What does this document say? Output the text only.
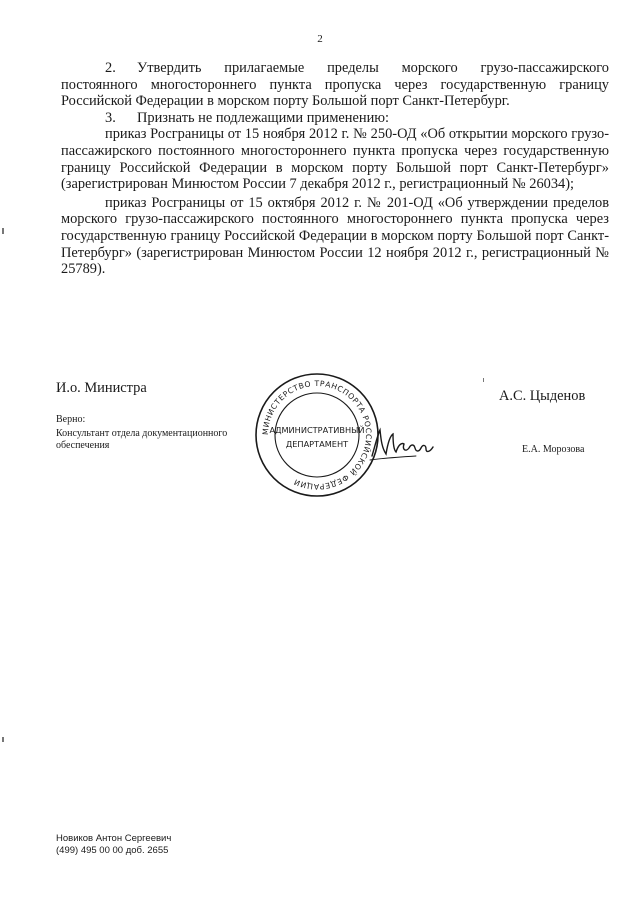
2

2. Утвердить прилагаемые пределы морского грузо-пассажирского постоянного многостороннего пункта пропуска через государственную границу Российской Федерации в морском порту Большой порт Санкт-Петербург.

3. Признать не подлежащими применению:

приказ Росграницы от 15 ноября 2012 г. № 250-ОД «Об открытии морского грузо-пассажирского постоянного многостороннего пункта пропуска через государственную границу Российской Федерации в морском порту Большой порт Санкт-Петербург» (зарегистрирован Минюстом России 7 декабря 2012 г., регистрационный № 26034);

приказ Росграницы от 15 октября 2012 г. № 201-ОД «Об утверждении пределов морского грузо-пассажирского постоянного многостороннего пункта пропуска через государственную границу Российской Федерации в морском порту Большой порт Санкт-Петербург» (зарегистрирован Минюстом России 12 ноября 2012 г., регистрационный № 25789).

И.о. Министра	А.С. Цыденов
Верно:
Консультант отдела документационного обеспечения	Е.А. Морозова
МИНИСТЕРСТВО ТРАНСПОРТА РОССИЙСКОЙ ФЕДЕРАЦИИ
АДМИНИСТРАТИВНЫЙ
ДЕПАРТАМЕНТ
Новиков Антон Сергеевич
(499) 495 00 00 доб. 2655
